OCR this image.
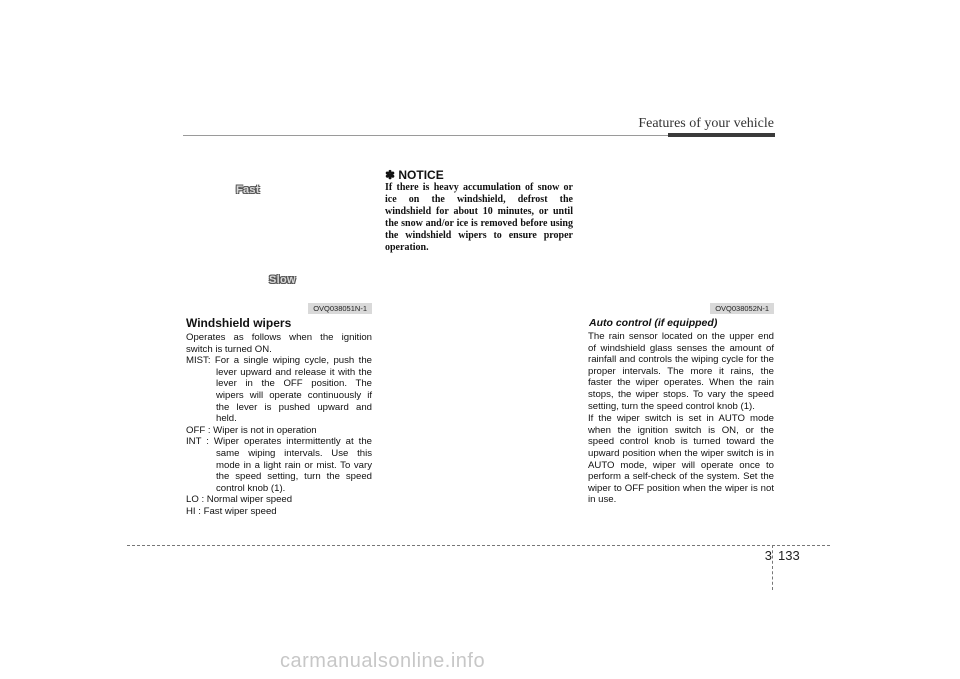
Features of your vehicle
Fast
Slow
OVQ038051N-1
✽ NOTICE
If there is heavy accumulation of snow or ice on the windshield, defrost the windshield for about 10 minutes, or until the snow and/or ice is removed before using the windshield wipers to ensure proper operation.
OVQ038052N-1
Windshield wipers

Operates as follows when the ignition switch is turned ON.

MIST: For a single wiping cycle, push the lever upward and release it with the lever in the OFF position. The wipers will operate continuously if the lever is pushed upward and held.

OFF : Wiper is not in operation

INT : Wiper operates intermittently at the same wiping intervals. Use this mode in a light rain or mist. To vary the speed setting, turn the speed control knob (1).

LO : Normal wiper speed

HI : Fast wiper speed

Auto control (if equipped)

The rain sensor located on the upper end of windshield glass senses the amount of rainfall and controls the wiping cycle for the proper intervals. The more it rains, the faster the wiper operates. When the rain stops, the wiper stops. To vary the speed setting, turn the speed control knob (1).

If the wiper switch is set in AUTO mode when the ignition switch is ON, or the speed control knob is turned toward the upward position when the wiper switch is in AUTO mode, wiper will operate once to perform a self-check of the system. Set the wiper to OFF position when the wiper is not in use.

3 133
carmanualsonline.info
